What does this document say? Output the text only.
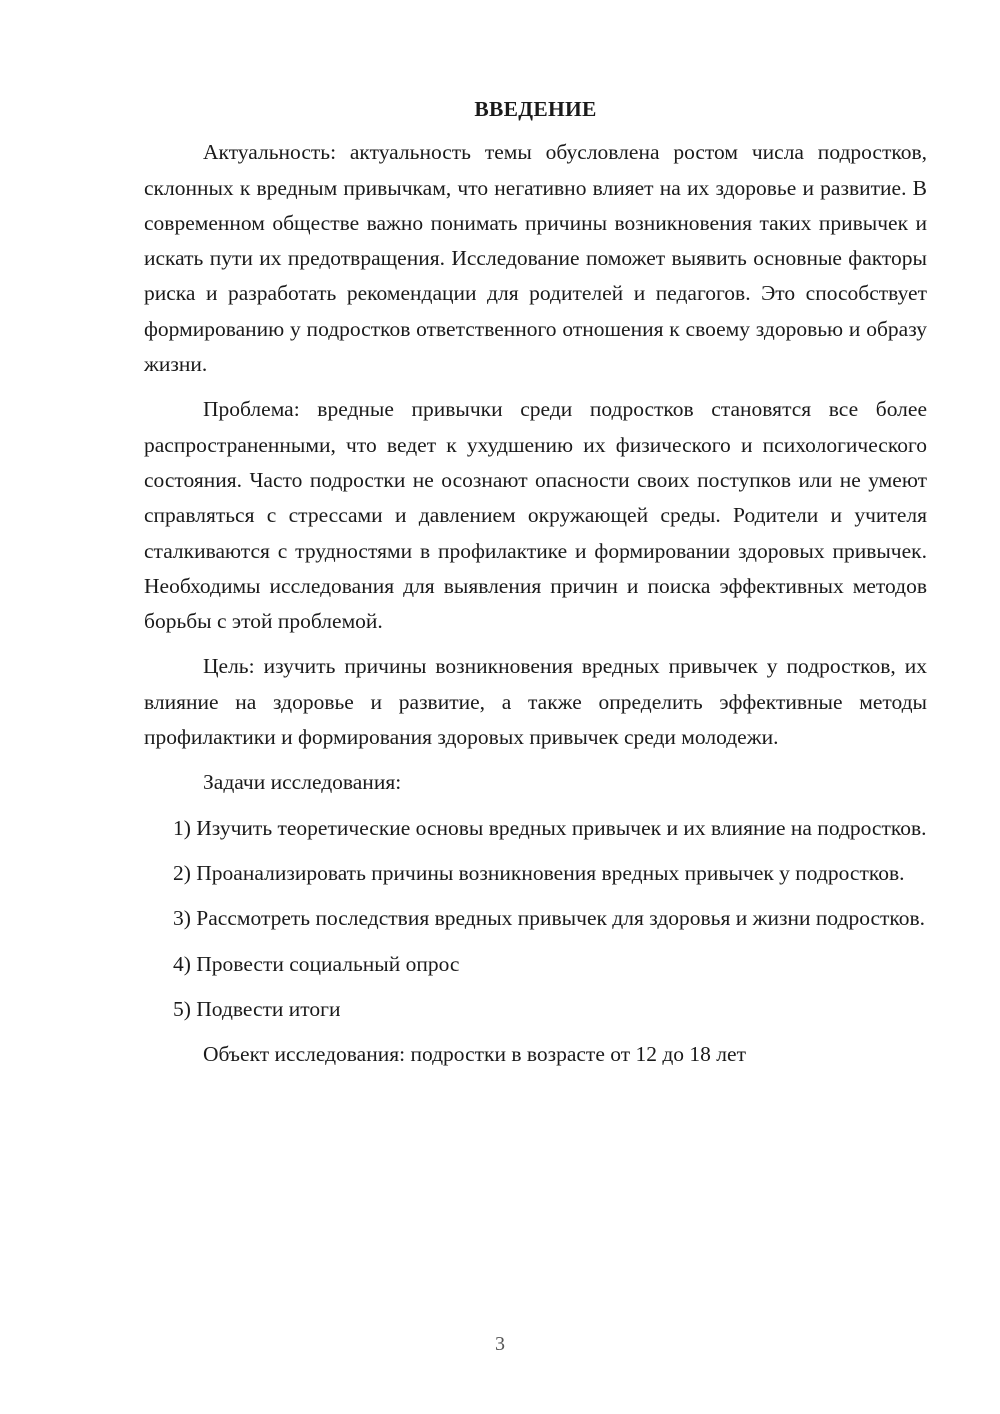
ВВЕДЕНИЕ

Актуальность: актуальность темы обусловлена ростом числа подростков, склонных к вредным привычкам, что негативно влияет на их здоровье и развитие. В современном обществе важно понимать причины возникновения таких привычек и искать пути их предотвращения. Исследование поможет выявить основные факторы риска и разработать рекомендации для родителей и педагогов. Это способствует формированию у подростков ответственного отношения к своему здоровью и образу жизни.

Проблема: вредные привычки среди подростков становятся все более распространенными, что ведет к ухудшению их физического и психологического состояния. Часто подростки не осознают опасности своих поступков или не умеют справляться с стрессами и давлением окружающей среды. Родители и учителя сталкиваются с трудностями в профилактике и формировании здоровых привычек. Необходимы исследования для выявления причин и поиска эффективных методов борьбы с этой проблемой.

Цель: изучить причины возникновения вредных привычек у подростков, их влияние на здоровье и развитие, а также определить эффективные методы профилактики и формирования здоровых привычек среди молодежи.

Задачи исследования:

1) Изучить теоретические основы вредных привычек и их влияние на подростков.

2) Проанализировать причины возникновения вредных привычек у подростков.

3) Рассмотреть последствия вредных привычек для здоровья и жизни подростков.

4) Провести социальный опрос

5) Подвести итоги

Объект исследования: подростки в возрасте от 12 до 18 лет

3
